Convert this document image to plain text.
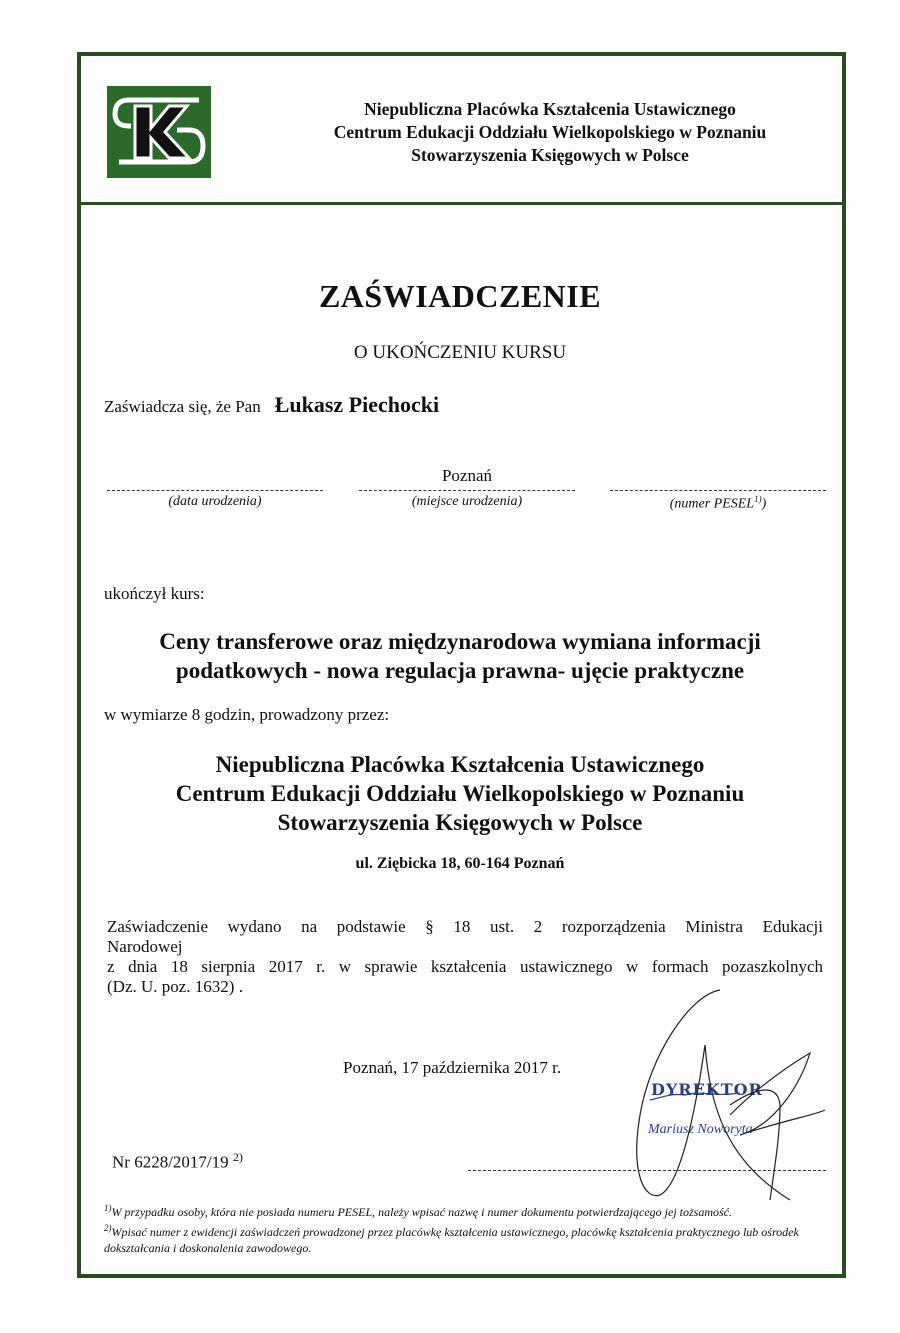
Niepubliczna Placówka Kształcenia Ustawicznego
Centrum Edukacji Oddziału Wielkopolskiego w Poznaniu
Stowarzyszenia Księgowych w Polsce
ZAŚWIADCZENIE
O UKOŃCZENIU KURSU
Zaświadcza się, że Pan Łukasz Piechocki
(data urodzenia)
Poznań
(miejsce urodzenia)	(numer PESEL$^{1)}$)
ukończył kurs:
Ceny transferowe oraz międzynarodowa wymiana informacji
podatkowych - nowa regulacja prawna- ujęcie praktyczne
w wymiarze 8 godzin, prowadzony przez:
Niepubliczna Placówka Kształcenia Ustawicznego
Centrum Edukacji Oddziału Wielkopolskiego w Poznaniu
Stowarzyszenia Księgowych w Polsce
ul. Ziębicka 18, 60-164 Poznań
Zaświadczenie wydano na podstawie § 18 ust. 2 rozporządzenia Ministra Edukacji
Narodowej
z dnia 18 sierpnia 2017 r. w sprawie kształcenia ustawicznego w formach pozaszkolnych
(Dz. U. poz. 1632) .
Poznań, 17 października 2017 r.
Nr 6228/2017/19 $^{2)}$
DYREKTOR
Mariusz Noworyta
$^{1)}$W przypadku osoby, która nie posiada numeru PESEL, należy wpisać nazwę i numer dokumentu potwierdzającego jej tożsamość.
$^{2)}$Wpisać numer z ewidencji zaświadczeń prowadzonej przez placówkę kształcenia ustawicznego, placówkę kształcenia praktycznego lub ośrodek dokształcania i doskonalenia zawodowego.
